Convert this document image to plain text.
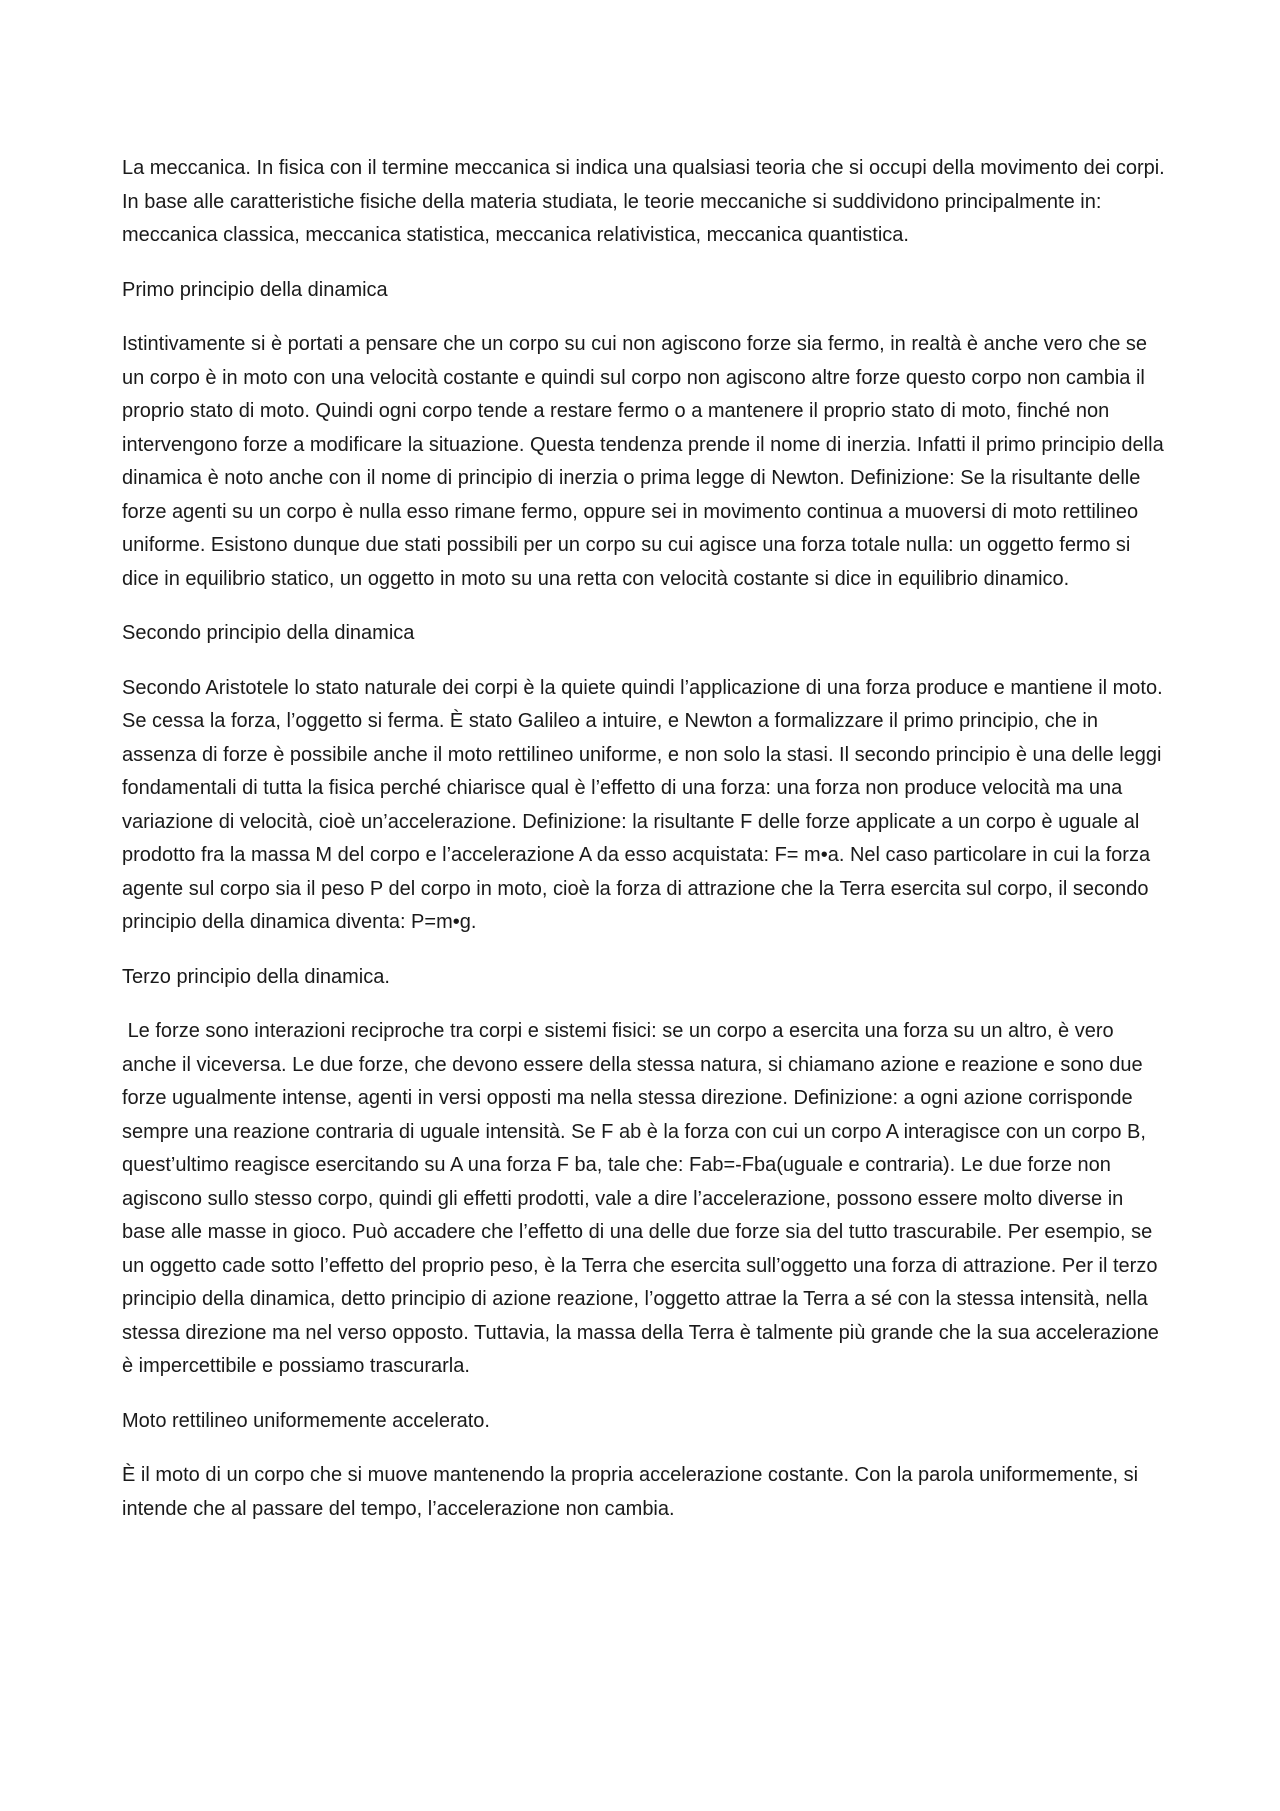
La meccanica. In fisica con il termine meccanica si indica una qualsiasi teoria che si occupi della movimento dei corpi. In base alle caratteristiche fisiche della materia studiata, le teorie meccaniche si suddividono principalmente in: meccanica classica, meccanica statistica, meccanica relativistica, meccanica quantistica.

Primo principio della dinamica

Istintivamente si è portati a pensare che un corpo su cui non agiscono forze sia fermo, in realtà è anche vero che se un corpo è in moto con una velocità costante e quindi sul corpo non agiscono altre forze questo corpo non cambia il proprio stato di moto. Quindi ogni corpo tende a restare fermo o a mantenere il proprio stato di moto, finché non intervengono forze a modificare la situazione. Questa tendenza prende il nome di inerzia. Infatti il primo principio della dinamica è noto anche con il nome di principio di inerzia o prima legge di Newton. Definizione: Se la risultante delle forze agenti su un corpo è nulla esso rimane fermo, oppure sei in movimento continua a muoversi di moto rettilineo uniforme. Esistono dunque due stati possibili per un corpo su cui agisce una forza totale nulla: un oggetto fermo si dice in equilibrio statico, un oggetto in moto su una retta con velocità costante si dice in equilibrio dinamico.

Secondo principio della dinamica

Secondo Aristotele lo stato naturale dei corpi è la quiete quindi l’applicazione di una forza produce e mantiene il moto. Se cessa la forza, l’oggetto si ferma. È stato Galileo a intuire, e Newton a formalizzare il primo principio, che in assenza di forze è possibile anche il moto rettilineo uniforme, e non solo la stasi. Il secondo principio è una delle leggi fondamentali di tutta la fisica perché chiarisce qual è l’effetto di una forza: una forza non produce velocità ma una variazione di velocità, cioè un’accelerazione. Definizione: la risultante F delle forze applicate a un corpo è uguale al prodotto fra la massa M del corpo e l’accelerazione A da esso acquistata: F= m•a. Nel caso particolare in cui la forza agente sul corpo sia il peso P del corpo in moto, cioè la forza di attrazione che la Terra esercita sul corpo, il secondo principio della dinamica diventa: P=m•g.

Terzo principio della dinamica.

Le forze sono interazioni reciproche tra corpi e sistemi fisici: se un corpo a esercita una forza su un altro, è vero anche il viceversa. Le due forze, che devono essere della stessa natura, si chiamano azione e reazione e sono due forze ugualmente intense, agenti in versi opposti ma nella stessa direzione. Definizione: a ogni azione corrisponde sempre una reazione contraria di uguale intensità. Se F ab è la forza con cui un corpo A interagisce con un corpo B, quest’ultimo reagisce esercitando su A una forza F ba, tale che: Fab=-Fba(uguale e contraria). Le due forze non agiscono sullo stesso corpo, quindi gli effetti prodotti, vale a dire l’accelerazione, possono essere molto diverse in base alle masse in gioco. Può accadere che l’effetto di una delle due forze sia del tutto trascurabile. Per esempio, se un oggetto cade sotto l’effetto del proprio peso, è la Terra che esercita sull’oggetto una forza di attrazione. Per il terzo principio della dinamica, detto principio di azione reazione, l’oggetto attrae la Terra a sé con la stessa intensità, nella stessa direzione ma nel verso opposto. Tuttavia, la massa della Terra è talmente più grande che la sua accelerazione è impercettibile e possiamo trascurarla.

Moto rettilineo uniformemente accelerato.

È il moto di un corpo che si muove mantenendo la propria accelerazione costante. Con la parola uniformemente, si intende che al passare del tempo, l’accelerazione non cambia.
